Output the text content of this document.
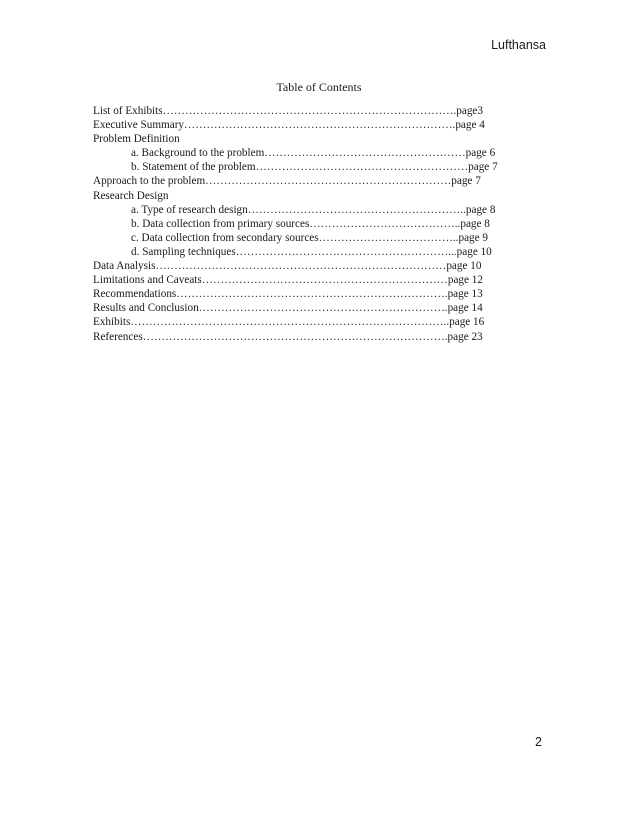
Lufthansa
Table of Contents
List of Exhibits…………………………………………………………………….page3
Executive Summary……………………………………………………………….page 4
Problem Definition
a. Background to the problem………………………………………………page 6
b. Statement of the problem…………………………………………………page 7
Approach to the problem…………………………………………………………page 7
Research Design
a. Type of research design…………………………………………………..page 8
b. Data collection from primary sources…………………………………..page 8
c. Data collection from secondary sources………………………………..page 9
d. Sampling techniques…………………………………………………...page 10
Data Analysis……………………………………………………………………page 10
Limitations and Caveats…………………………………………………………page 12
Recommendations……………………………………………………………….page 13
Results and Conclusion………………………………………………………….page 14
Exhibits…………………………………………………………………………..page 16
References……………………………………………………………………….page 23
2
